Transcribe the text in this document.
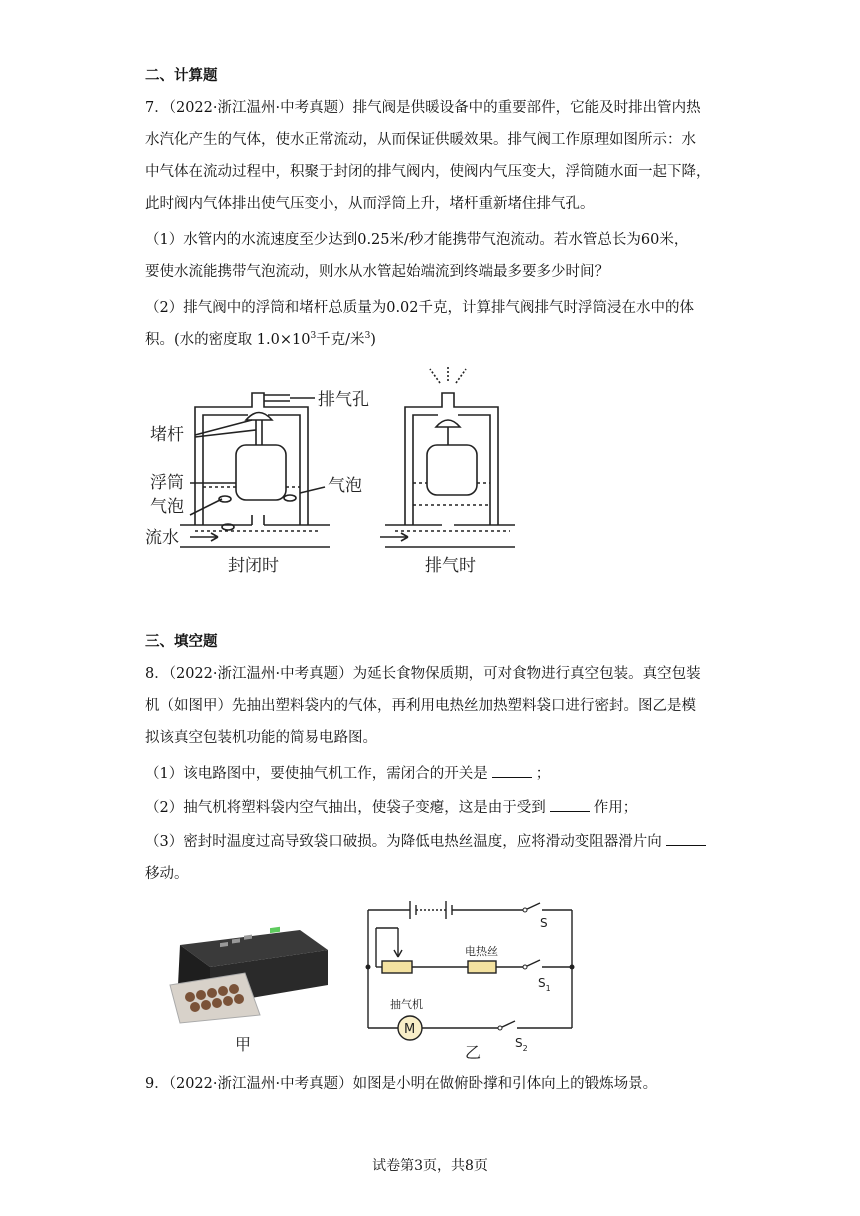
二、计算题
7．（2022·浙江温州·中考真题）排气阀是供暖设备中的重要部件，它能及时排出管内热
水汽化产生的气体，使水正常流动，从而保证供暖效果。排气阀工作原理如图所示：水
中气体在流动过程中，积聚于封闭的排气阀内，使阀内气压变大，浮筒随水面一起下降，
此时阀内气体排出使气压变小，从而浮筒上升，堵杆重新堵住排气孔。
（1）水管内的水流速度至少达到0.25米/秒才能携带气泡流动。若水管总长为60米，
要使水流能携带气泡流动，则水从水管起始端流到终端最多要多少时间？
（2）排气阀中的浮筒和堵杆总质量为0.02千克，计算排气阀排气时浮筒浸在水中的体
积。(水的密度取 $1.0\times 10^3$千克/米$^3$)
排气孔
堵杆
浮筒	气泡
气泡
流水
封闭时	排气时
三、填空题
8．（2022·浙江温州·中考真题）为延长食物保质期，可对食物进行真空包装。真空包装
机（如图甲）先抽出塑料袋内的气体，再利用电热丝加热塑料袋口进行密封。图乙是模
拟该真空包装机功能的简易电路图。
（1）该电路图中，要使抽气机工作，需闭合的开关是	；
（2）抽气机将塑料袋内空气抽出，使袋子变瘪，这是由于受到	作用；
（3）密封时温度过高导致袋口破损。为降低电热丝温度，应将滑动变阻器滑片向
移动。
甲
S
电热丝
$S_1$
抽气机
M
$S_2$
乙
9．（2022·浙江温州·中考真题）如图是小明在做俯卧撑和引体向上的锻炼场景。
试卷第3页，共8页
